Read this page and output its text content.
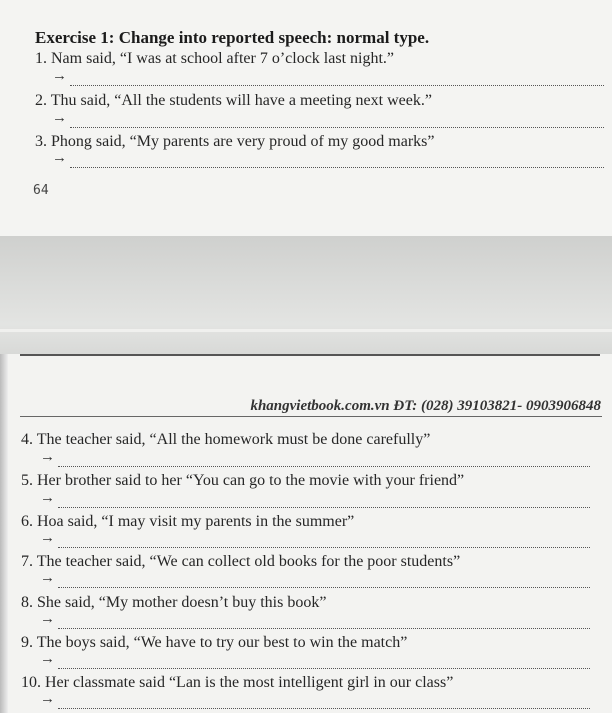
Exercise 1: Change into reported speech: normal type.
1. Nam said, “I was at school after 7 o’clock last night.”
→
2. Thu said, “All the students will have a meeting next week.”
→
3. Phong said, “My parents are very proud of my good marks”
→
64
khangvietbook.com.vn ĐT: (028) 39103821- 0903906848
4. The teacher said, “All the homework must be done carefully”
→
5. Her brother said to her “You can go to the movie with your friend”
→
6. Hoa said, “I may visit my parents in the summer”
→
7. The teacher said, “We can collect old books for the poor students”
→
8. She said, “My mother doesn’t buy this book”
→
9. The boys said, “We have to try our best to win the match”
→
10. Her classmate said “Lan is the most intelligent girl in our class”
→
